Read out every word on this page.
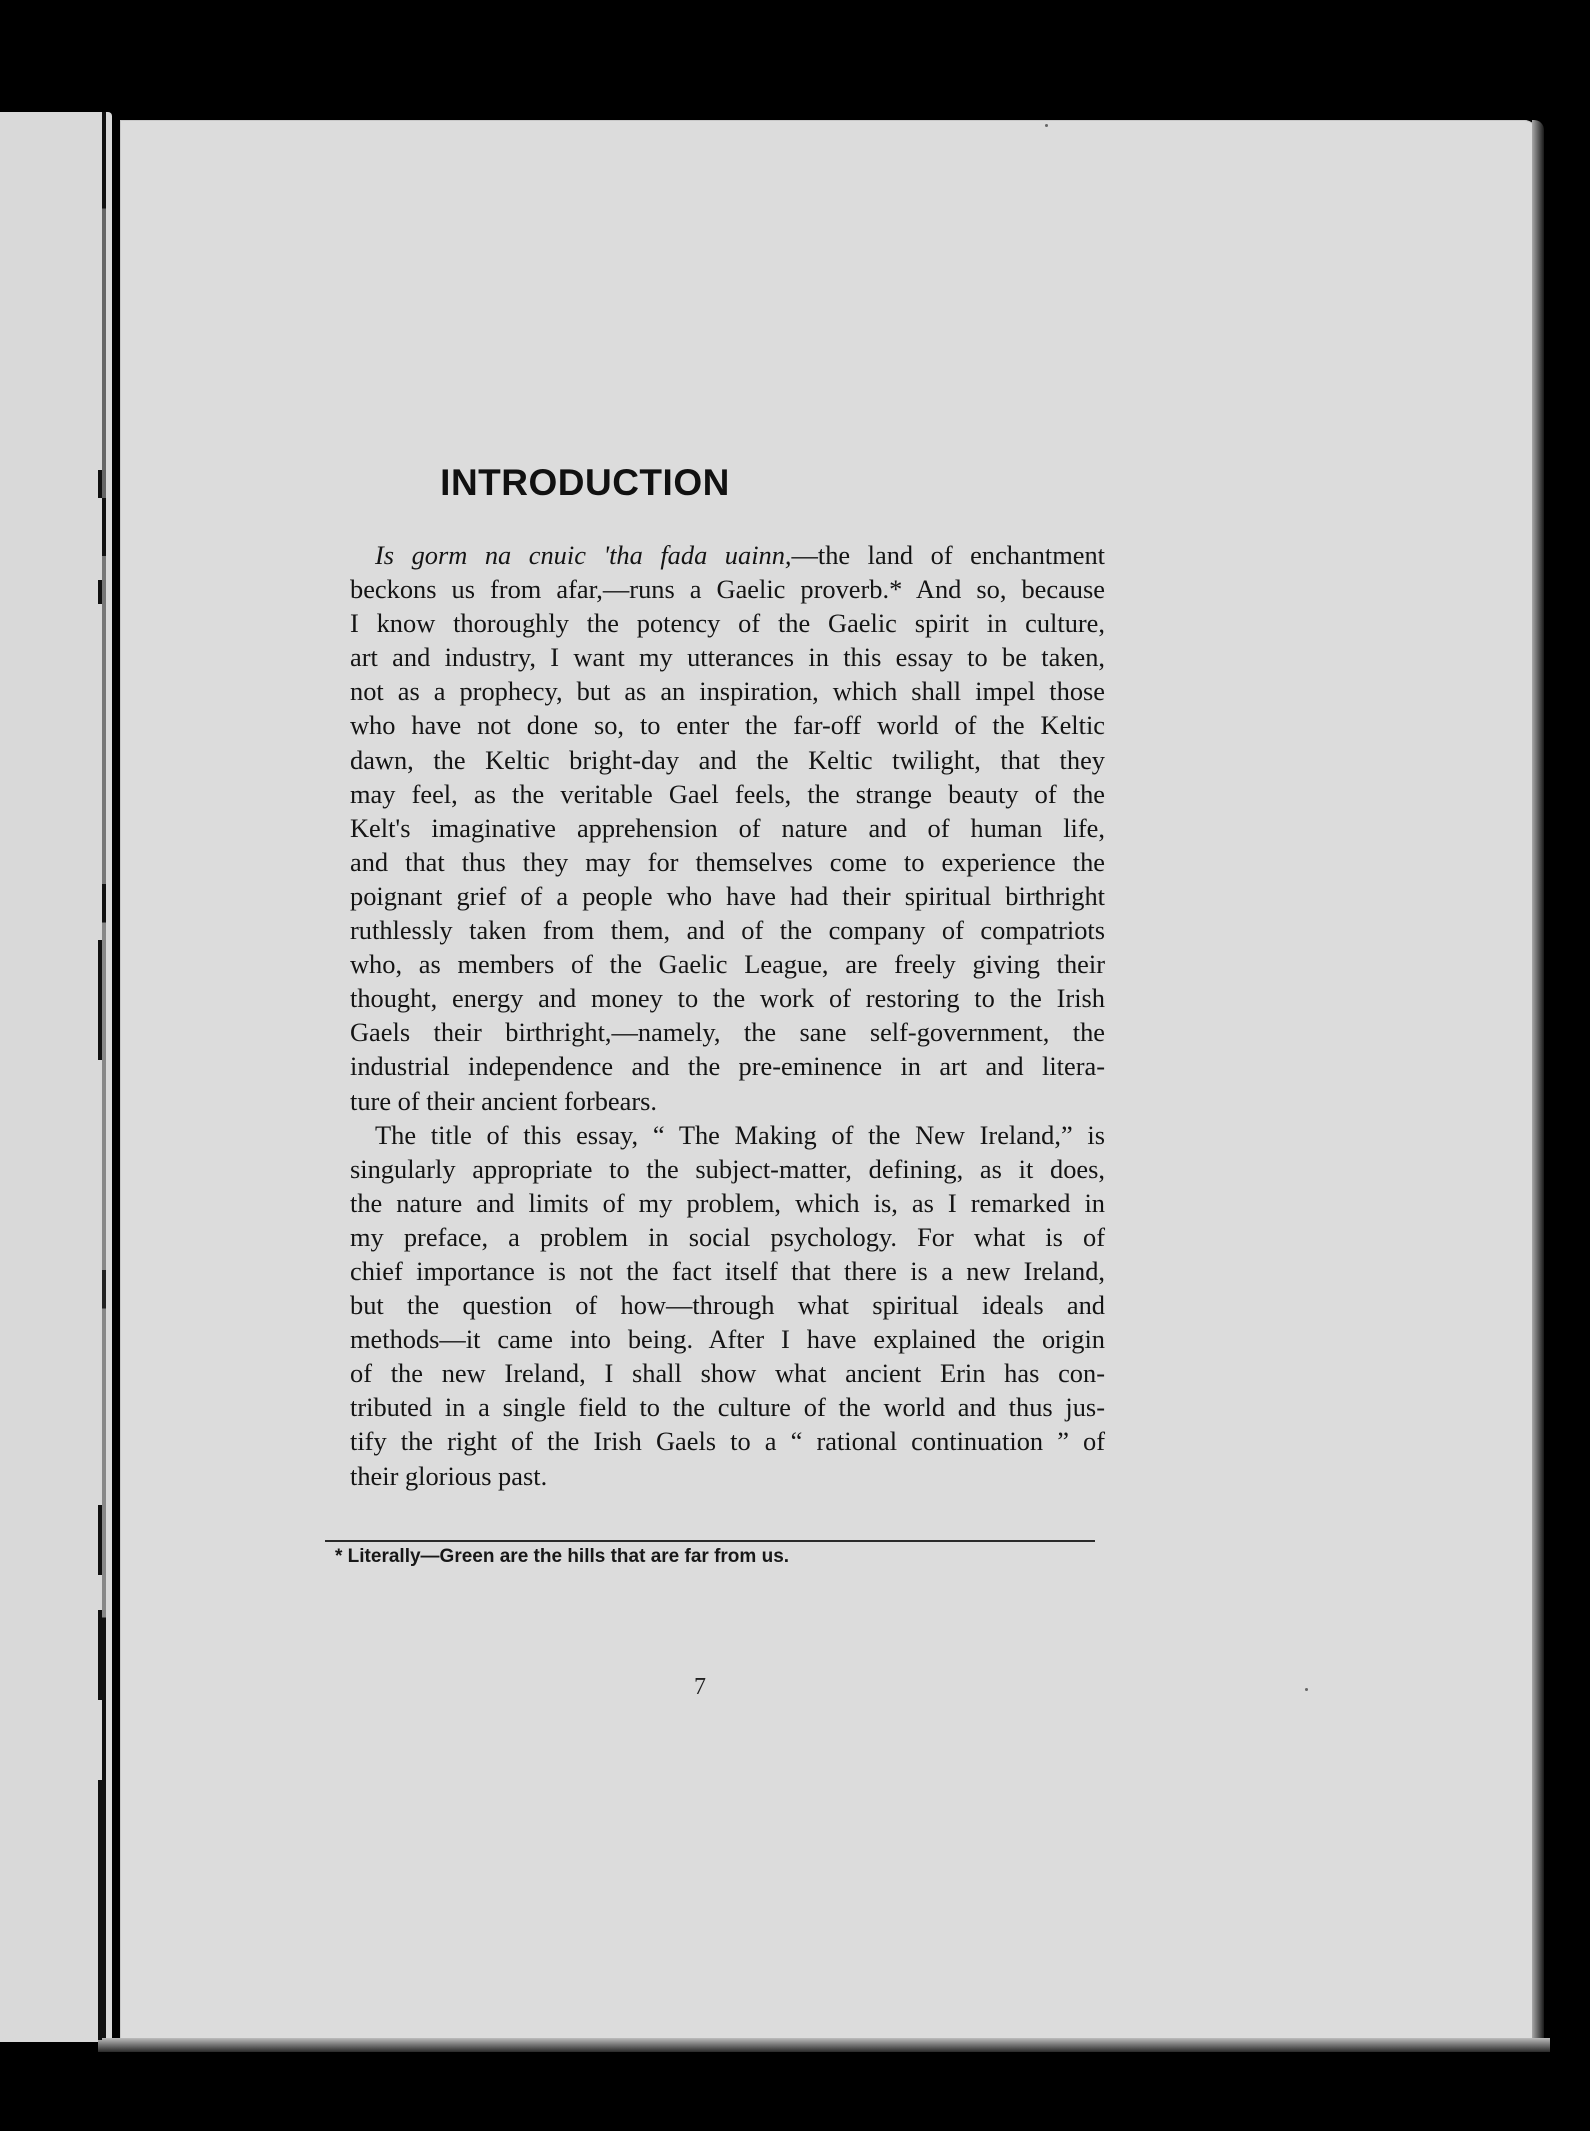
INTRODUCTION

Is gorm na cnuic 'tha fada uainn,—the land of enchantment
beckons us from afar,—runs a Gaelic proverb.* And so, because
I know thoroughly the potency of the Gaelic spirit in culture,
art and industry, I want my utterances in this essay to be taken,
not as a prophecy, but as an inspiration, which shall impel those
who have not done so, to enter the far-off world of the Keltic
dawn, the Keltic bright-day and the Keltic twilight, that they
may feel, as the veritable Gael feels, the strange beauty of the
Kelt's imaginative apprehension of nature and of human life,
and that thus they may for themselves come to experience the
poignant grief of a people who have had their spiritual birthright
ruthlessly taken from them, and of the company of compatriots
who, as members of the Gaelic League, are freely giving their
thought, energy and money to the work of restoring to the Irish
Gaels their birthright,—namely, the sane self-government, the
industrial independence and the pre-eminence in art and litera-
ture of their ancient forbears.

The title of this essay, “ The Making of the New Ireland,” is
singularly appropriate to the subject-matter, defining, as it does,
the nature and limits of my problem, which is, as I remarked in
my preface, a problem in social psychology. For what is of
chief importance is not the fact itself that there is a new Ireland,
but the question of how—through what spiritual ideals and
methods—it came into being. After I have explained the origin
of the new Ireland, I shall show what ancient Erin has con-
tributed in a single field to the culture of the world and thus jus-
tify the right of the Irish Gaels to a “ rational continuation ” of
their glorious past.

* Literally—Green are the hills that are far from us.
7
